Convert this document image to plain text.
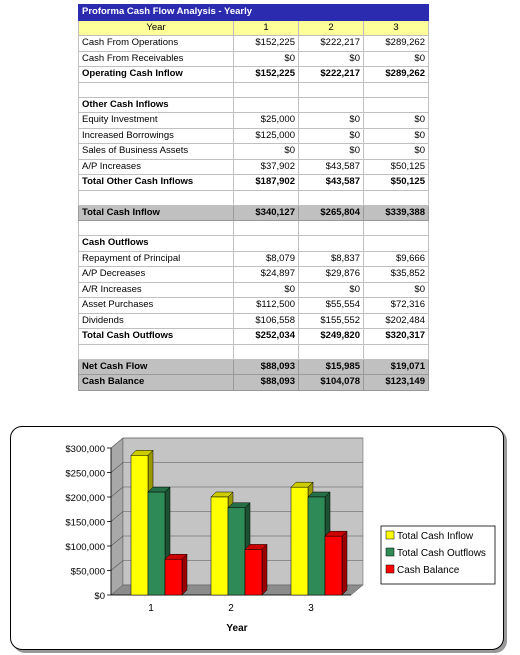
Proforma Cash Flow Analysis - Yearly			
Year	1	2	3
Cash From Operations	$152,225	$222,217	$289,262
Cash From Receivables	$0	$0	$0
Operating Cash Inflow	$152,225	$222,217	$289,262

Other Cash Inflows			
Equity Investment	$25,000	$0	$0
Increased Borrowings	$125,000	$0	$0
Sales of Business Assets	$0	$0	$0
A/P Increases	$37,902	$43,587	$50,125
Total Other Cash Inflows	$187,902	$43,587	$50,125

Total Cash Inflow	$340,127	$265,804	$339,388

Cash Outflows			
Repayment of Principal	$8,079	$8,837	$9,666
A/P Decreases	$24,897	$29,876	$35,852
A/R Increases	$0	$0	$0
Asset Purchases	$112,500	$55,554	$72,316
Dividends	$106,558	$155,552	$202,484
Total Cash Outflows	$252,034	$249,820	$320,317

Net Cash Flow	$88,093	$15,985	$19,071
Cash Balance	$88,093	$104,078	$123,149
$0
$50,000
$100,000
$150,000
$200,000
$250,000
$300,000
1	2	3
Year
Total Cash Inflow
Total Cash Outflows
Cash Balance
